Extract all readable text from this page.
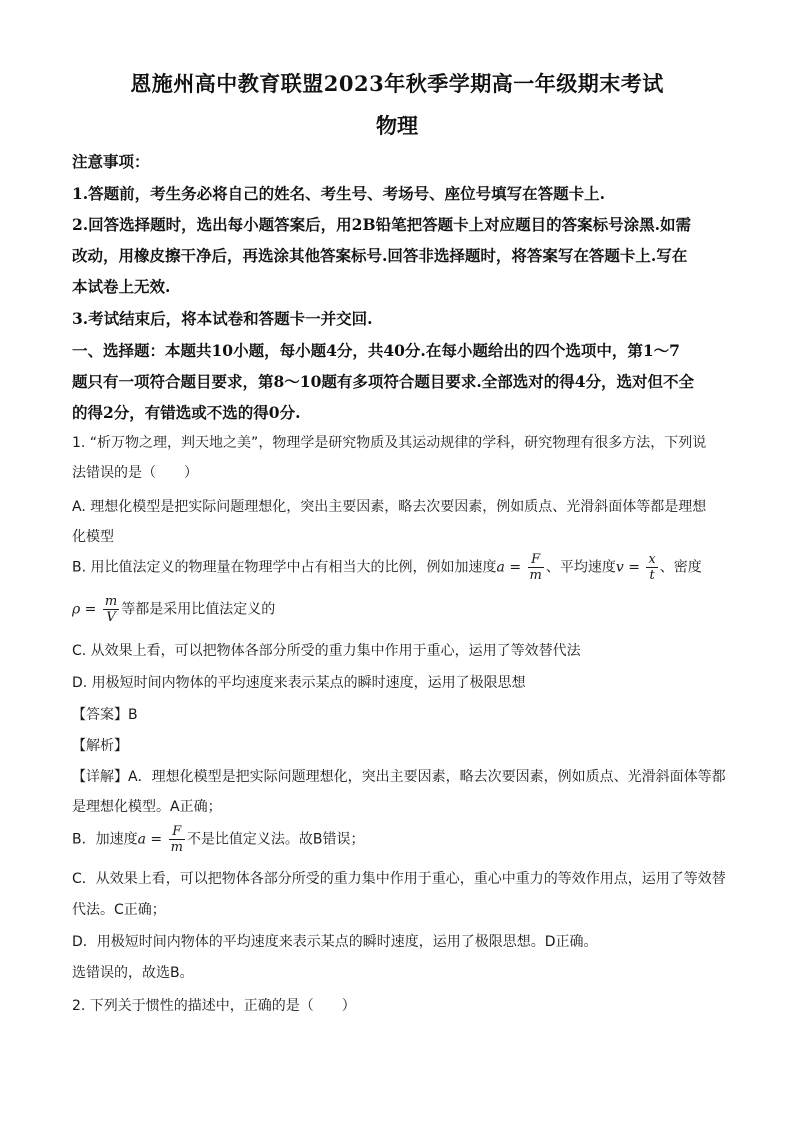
恩施州高中教育联盟2023年秋季学期高一年级期末考试
物理
注意事项：
1.答题前，考生务必将自己的姓名、考生号、考场号、座位号填写在答题卡上.
2.回答选择题时，选出每小题答案后，用2B铅笔把答题卡上对应题目的答案标号涂黑.如需
改动，用橡皮擦干净后，再选涂其他答案标号.回答非选择题时，将答案写在答题卡上.写在
本试卷上无效.
3.考试结束后，将本试卷和答题卡一并交回.
一、选择题：本题共10小题，每小题4分，共40分.在每小题给出的四个选项中，第1～7
题只有一项符合题目要求，第8～10题有多项符合题目要求.全部选对的得4分，选对但不全
的得2分，有错选或不选的得0分.
1. “析万物之理，判天地之美”，物理学是研究物质及其运动规律的学科，研究物理有很多方法，下列说
法错误的是（　　）
A. 理想化模型是把实际问题理想化，突出主要因素，略去次要因素，例如质点、光滑斜面体等都是理想
化模型
B. 用比值法定义的物理量在物理学中占有相当大的比例，例如加速度$a = \frac{F}{m}$ 、平均速度$v = \frac{x}{t}$ 、密度
$\rho = \frac{m}{V}$ 等都是采用比值法定义的
C. 从效果上看，可以把物体各部分所受的重力集中作用于重心，运用了等效替代法
D. 用极短时间内物体的平均速度来表示某点的瞬时速度，运用了极限思想
【答案】B
【解析】
【详解】A．理想化模型是把实际问题理想化，突出主要因素，略去次要因素，例如质点、光滑斜面体等都
是理想化模型。A正确；
B．加速度$a = \frac{F}{m}$ 不是比值定义法。故B错误；
C．从效果上看，可以把物体各部分所受的重力集中作用于重心，重心中重力的等效作用点，运用了等效替
代法。C正确；
D．用极短时间内物体的平均速度来表示某点的瞬时速度，运用了极限思想。D正确。
选错误的，故选B。
2. 下列关于惯性的描述中，正确的是（　　）
